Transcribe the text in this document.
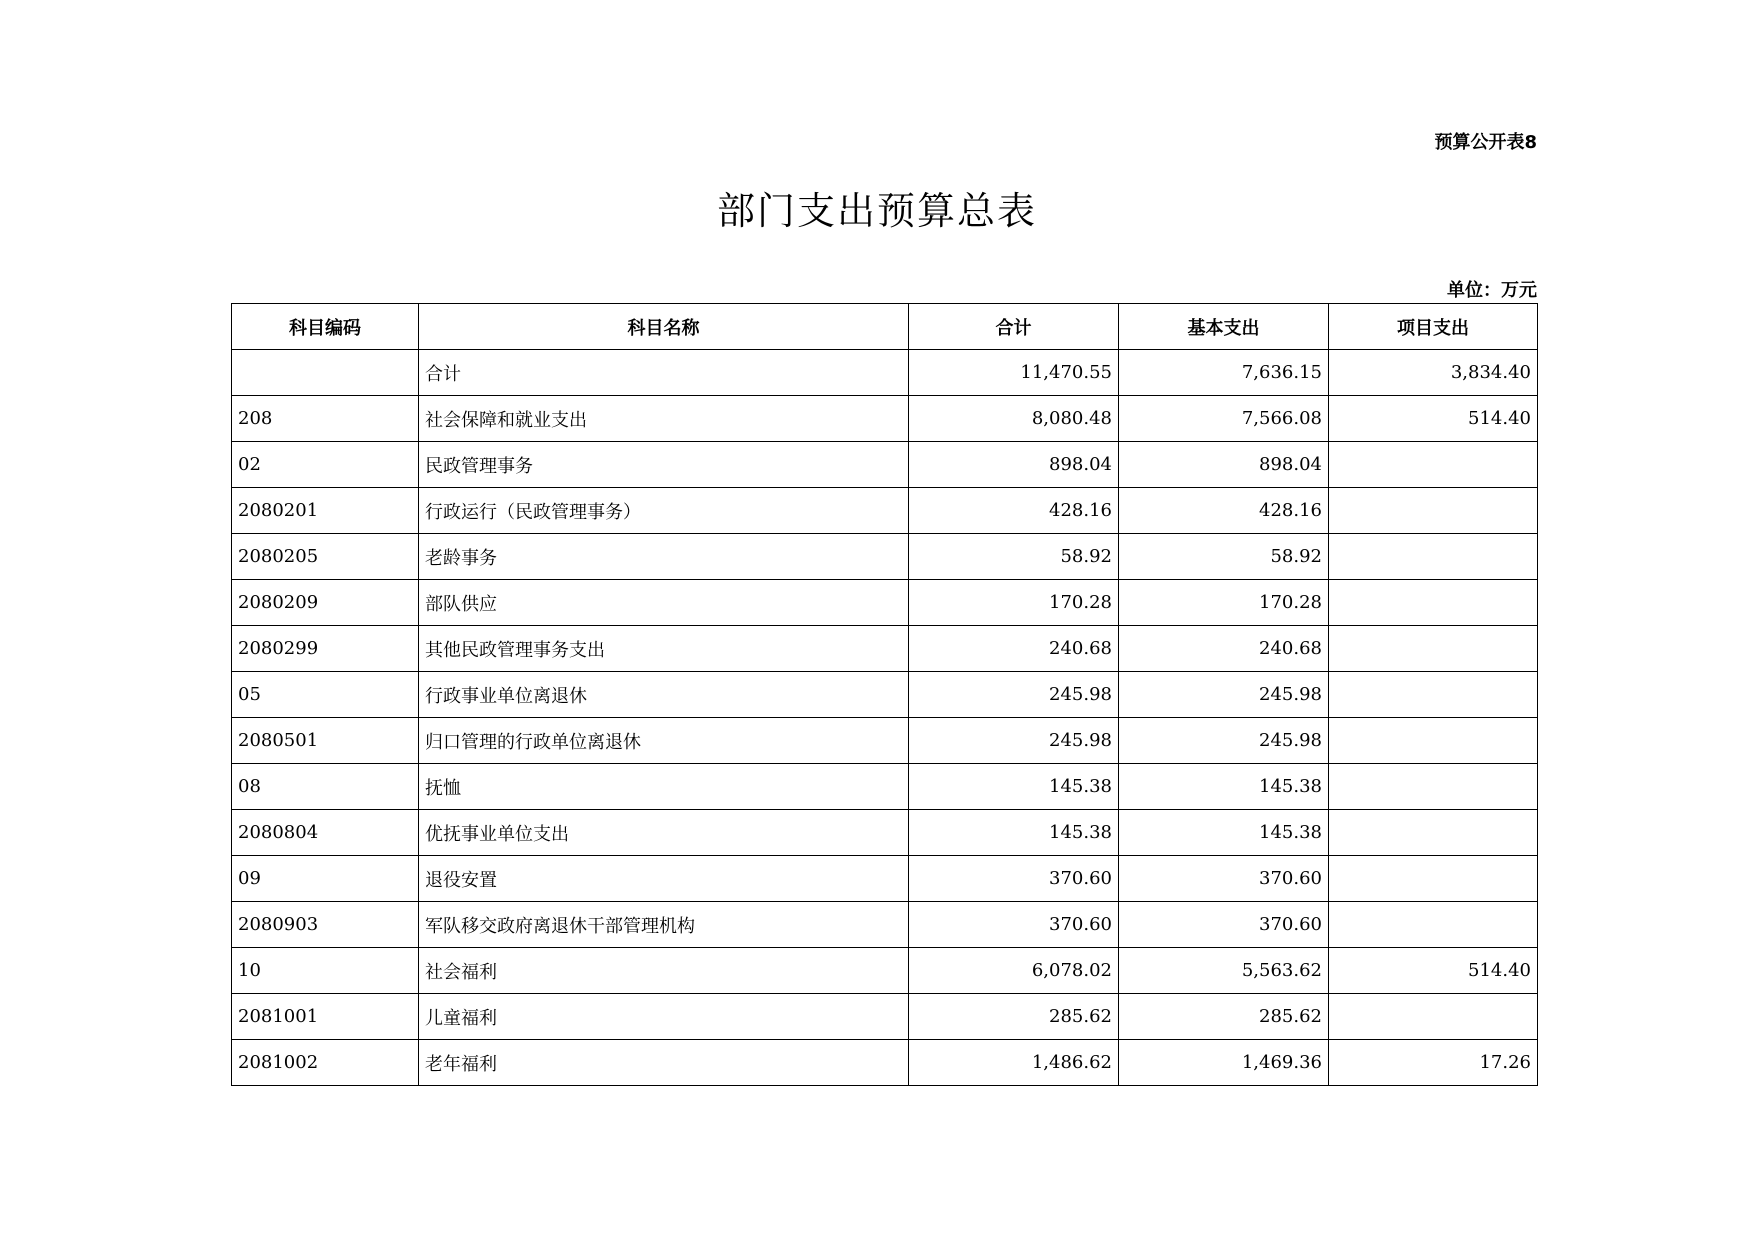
预算公开表8
部门支出预算总表
单位：万元
科目编码	科目名称	合计	基本支出	项目支出
	合计	11,470.55	7,636.15	3,834.40
208	社会保障和就业支出	8,080.48	7,566.08	514.40
02	民政管理事务	898.04	898.04	
2080201	行政运行（民政管理事务）	428.16	428.16	
2080205	老龄事务	58.92	58.92	
2080209	部队供应	170.28	170.28	
2080299	其他民政管理事务支出	240.68	240.68	
05	行政事业单位离退休	245.98	245.98	
2080501	归口管理的行政单位离退休	245.98	245.98	
08	抚恤	145.38	145.38	
2080804	优抚事业单位支出	145.38	145.38	
09	退役安置	370.60	370.60	
2080903	军队移交政府离退休干部管理机构	370.60	370.60	
10	社会福利	6,078.02	5,563.62	514.40
2081001	儿童福利	285.62	285.62	
2081002	老年福利	1,486.62	1,469.36	17.26
